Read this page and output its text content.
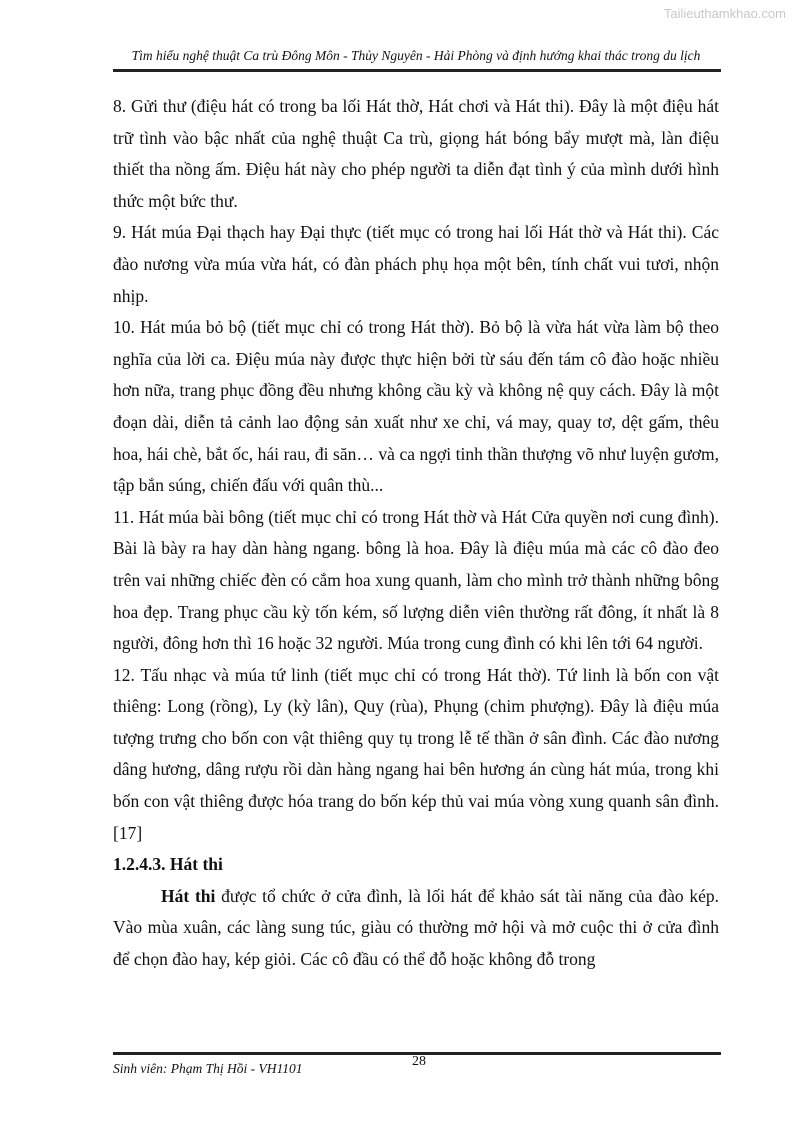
Tailieuthamkhao.com
Tìm hiểu nghệ thuật Ca trù Đông Môn - Thủy Nguyên - Hải Phòng và định hướng khai thác trong du lịch

8. Gửi thư (điệu hát có trong ba lối Hát thờ, Hát chơi và Hát thi). Đây là một điệu hát trữ tình vào bậc nhất của nghệ thuật Ca trù, giọng hát bóng bẩy mượt mà, làn điệu thiết tha nồng ấm. Điệu hát này cho phép người ta diễn đạt tình ý của mình dưới hình thức một bức thư.

9. Hát múa Đại thạch hay Đại thực (tiết mục có trong hai lối Hát thờ và Hát thi). Các đào nương vừa múa vừa hát, có đàn phách phụ họa một bên, tính chất vui tươi, nhộn nhịp.

10. Hát múa bỏ bộ (tiết mục chỉ có trong Hát thờ). Bỏ bộ là vừa hát vừa làm bộ theo nghĩa của lời ca. Điệu múa này được thực hiện bởi từ sáu đến tám cô đào hoặc nhiều hơn nữa, trang phục đồng đều nhưng không cầu kỳ và không nệ quy cách. Đây là một đoạn dài, diễn tả cảnh lao động sản xuất như xe chỉ, vá may, quay tơ, dệt gấm, thêu hoa, hái chè, bắt ốc, hái rau, đi săn… và ca ngợi tinh thần thượng võ như luyện gươm, tập bắn súng, chiến đấu với quân thù...

11. Hát múa bài bông (tiết mục chỉ có trong Hát thờ và Hát Cửa quyền nơi cung đình). Bài là bày ra hay dàn hàng ngang. bông là hoa. Đây là điệu múa mà các cô đào đeo trên vai những chiếc đèn có cắm hoa xung quanh, làm cho mình trở thành những bông hoa đẹp. Trang phục cầu kỳ tốn kém, số lượng diễn viên thường rất đông, ít nhất là 8 người, đông hơn thì 16 hoặc 32 người. Múa trong cung đình có khi lên tới 64 người.

12. Tấu nhạc và múa tứ linh (tiết mục chỉ có trong Hát thờ). Tứ linh là bốn con vật thiêng: Long (rồng), Ly (kỳ lân), Quy (rùa), Phụng (chim phượng). Đây là điệu múa tượng trưng cho bốn con vật thiêng quy tụ trong lễ tế thần ở sân đình. Các đào nương dâng hương, dâng rượu rồi dàn hàng ngang hai bên hương án cùng hát múa, trong khi bốn con vật thiêng được hóa trang do bốn kép thủ vai múa vòng xung quanh sân đình. [17]

1.2.4.3. Hát thi

Hát thi được tổ chức ở cửa đình, là lối hát để khảo sát tài năng của đào kép. Vào mùa xuân, các làng sung túc, giàu có thường mở hội và mở cuộc thi ở cửa đình để chọn đào hay, kép giỏi. Các cô đầu có thể đỗ hoặc không đỗ trong

Sinh viên: Phạm Thị Hồi - VH1101	28
